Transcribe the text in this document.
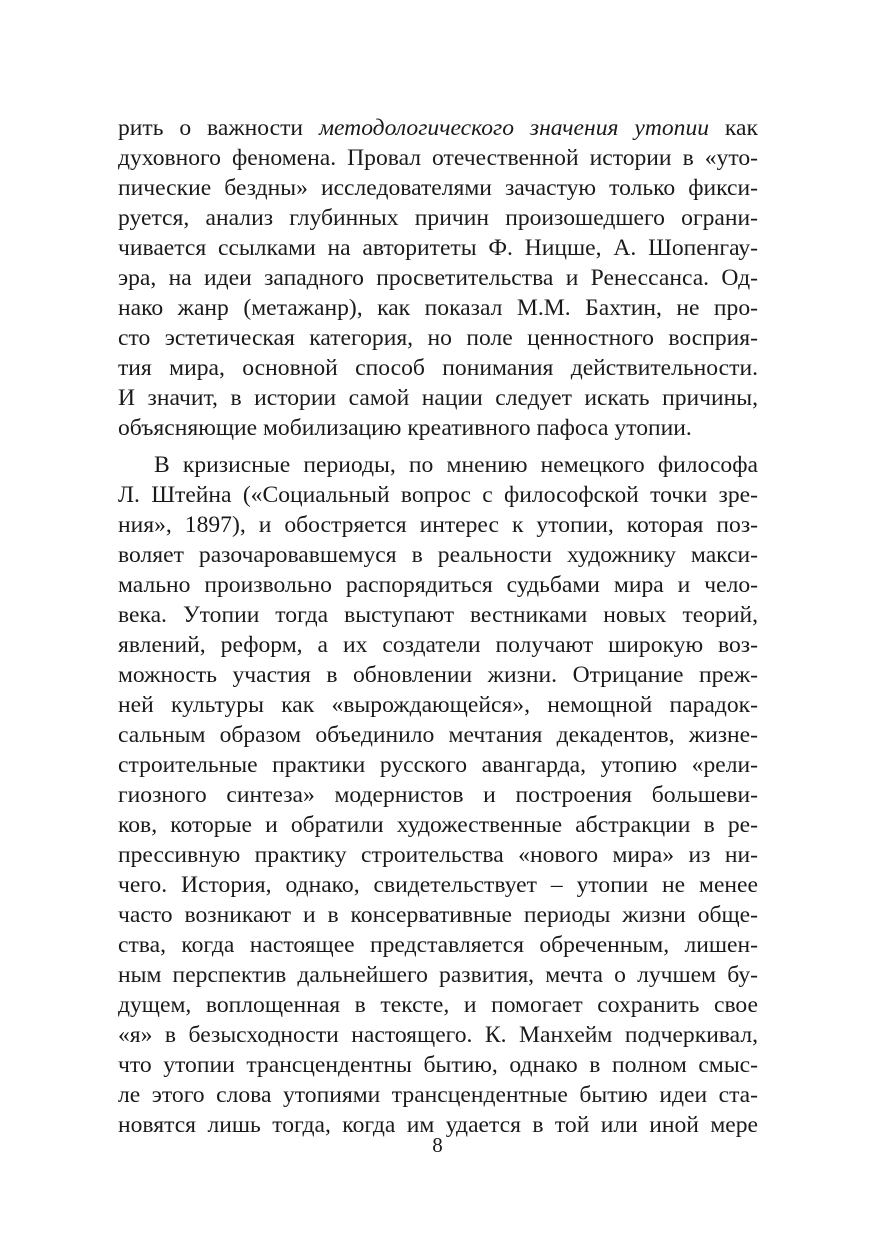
рить о важности методологического значения утопии как
духовного феномена. Провал отечественной истории в «уто-
пические бездны» исследователями зачастую только фикси-
руется, анализ глубинных причин произошедшего ограни-
чивается ссылками на авторитеты Ф. Ницше, А. Шопенгау-
эра, на идеи западного просветительства и Ренессанса. Од-
нако жанр (метажанр), как показал М.М. Бахтин, не про-
сто эстетическая категория, но поле ценностного восприя-
тия мира, основной способ понимания действительности.
И значит, в истории самой нации следует искать причины,
объясняющие мобилизацию креативного пафоса утопии.
В кризисные периоды, по мнению немецкого философа
Л. Штейна («Социальный вопрос с философской точки зре-
ния», 1897), и обостряется интерес к утопии, которая поз-
воляет разочаровавшемуся в реальности художнику макси-
мально произвольно распорядиться судьбами мира и чело-
века. Утопии тогда выступают вестниками новых теорий,
явлений, реформ, а их создатели получают широкую воз-
можность участия в обновлении жизни. Отрицание преж-
ней культуры как «вырождающейся», немощной парадок-
сальным образом объединило мечтания декадентов, жизне-
строительные практики русского авангарда, утопию «рели-
гиозного синтеза» модернистов и построения большеви-
ков, которые и обратили художественные абстракции в ре-
прессивную практику строительства «нового мира» из ни-
чего. История, однако, свидетельствует – утопии не менее
часто возникают и в консервативные периоды жизни обще-
ства, когда настоящее представляется обреченным, лишен-
ным перспектив дальнейшего развития, мечта о лучшем бу-
дущем, воплощенная в тексте, и помогает сохранить свое
«я» в безысходности настоящего. К. Манхейм подчеркивал,
что утопии трансцендентны бытию, однако в полном смыс-
ле этого слова утопиями трансцендентные бытию идеи ста-
новятся лишь тогда, когда им удается в той или иной мере
8
